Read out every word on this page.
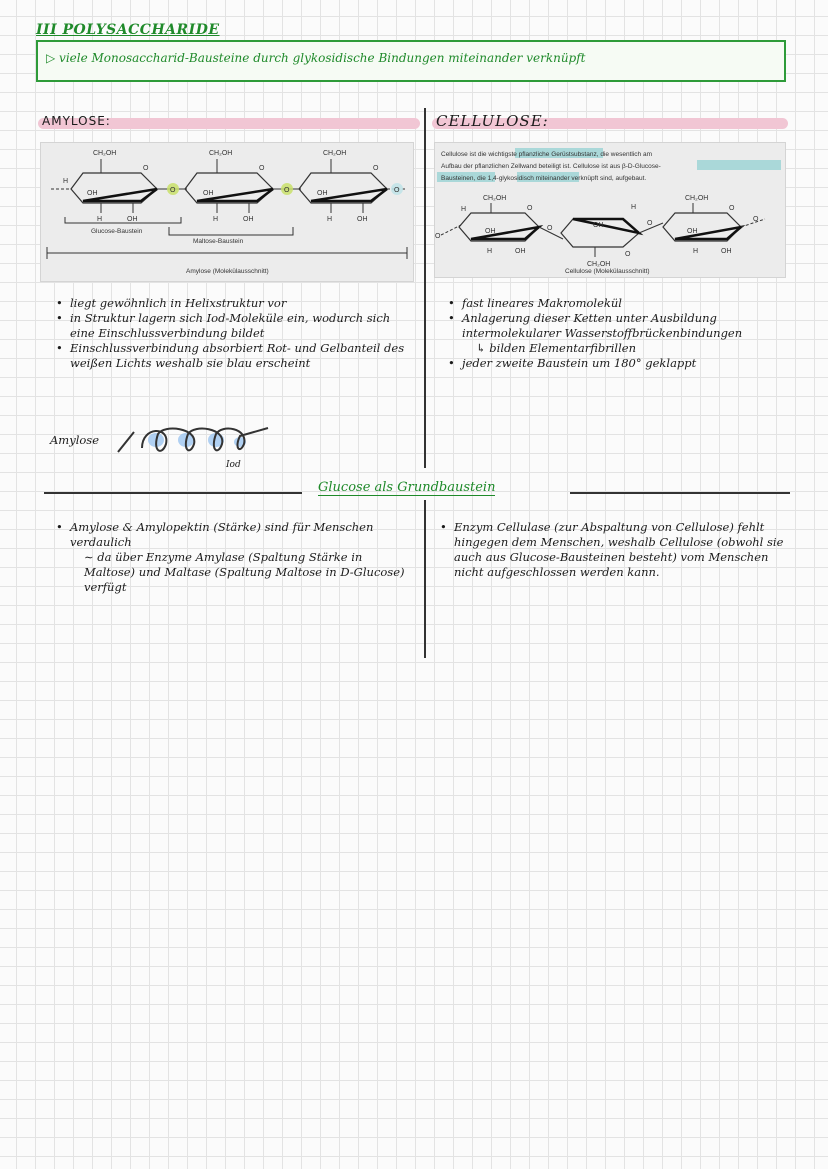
III POLYSACCHARIDE
▷ viele Monosaccharid-Bausteine durch glykosidische Bindungen miteinander verknüpft
AMYLOSE:	CELLULOSE:
CH₂OH	CH₂OH	CH₂OH
O	O	O
O	O	O
H
OH	OH	OH
H	OH	H	OH	H	OH
Glucose-Baustein
Maltose-Baustein
Amylose (Molekülausschnitt)
Cellulose ist die wichtigste pflanzliche Gerüstsubstanz, die wesentlich am
Aufbau der pflanzlichen Zellwand beteiligt ist. Cellulose ist aus β-D-Glucose-
Bausteinen, die 1,4-glykosidisch miteinander verknüpft sind, aufgebaut.
CH₂OH	CH₂OH
CH₂OH
O	O
O
O
O
O
O
OH
OH
OH
OH	OH
H	H
H	H
Cellulose (Molekülausschnitt)
• liegt gewöhnlich in Helixstruktur vor
• in Struktur lagern sich Iod-Moleküle ein, wodurch sich eine Einschlussverbindung bildet
• Einschlussverbindung absorbiert Rot- und Gelbanteil des weißen Lichts weshalb sie blau erscheint
Amylose
Iod
• fast lineares Makromolekül
• Anlagerung dieser Ketten unter Ausbildung intermolekularer Wasserstoffbrückenbindungen
↳ bilden Elementarfibrillen
• jeder zweite Baustein um 180° geklappt
Glucose als Grundbaustein
• Amylose & Amylopektin (Stärke) sind für Menschen verdaulich
∼ da über Enzyme Amylase (Spaltung Stärke in Maltose) und Maltase (Spaltung Maltose in D-Glucose) verfügt
• Enzym Cellulase (zur Abspaltung von Cellulose) fehlt hingegen dem Menschen, weshalb Cellulose (obwohl sie auch aus Glucose-Bausteinen besteht) vom Menschen nicht aufgeschlossen werden kann.
